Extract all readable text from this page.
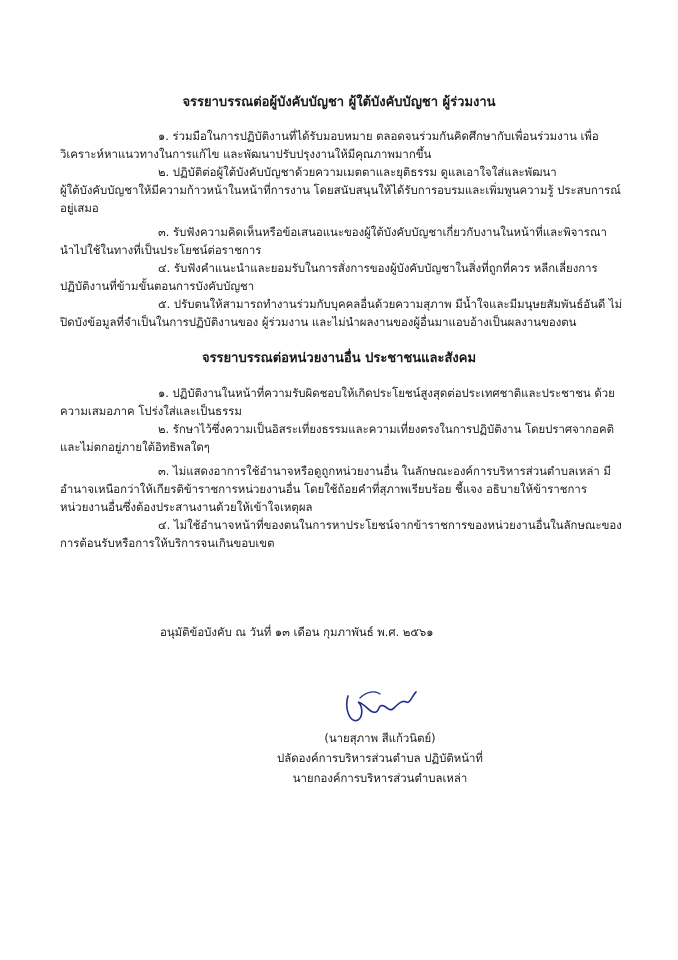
จรรยาบรรณต่อผู้บังคับบัญชา ผู้ใต้บังคับบัญชา ผู้ร่วมงาน

๑. ร่วมมือในการปฏิบัติงานที่ได้รับมอบหมาย ตลอดจนร่วมกันคิดศึกษากับเพื่อนร่วมงาน เพื่อ

วิเคราะห์หาแนวทางในการแก้ไข และพัฒนาปรับปรุงงานให้มีคุณภาพมากขึ้น

๒. ปฏิบัติต่อผู้ใต้บังคับบัญชาด้วยความเมตตาและยุติธรรม ดูแลเอาใจใส่และพัฒนา

ผู้ใต้บังคับบัญชาให้มีความก้าวหน้าในหน้าที่การงาน โดยสนับสนุนให้ได้รับการอบรมและเพิ่มพูนความรู้ ประสบการณ์

อยู่เสมอ

๓. รับฟังความคิดเห็นหรือข้อเสนอแนะของผู้ใต้บังคับบัญชาเกี่ยวกับงานในหน้าที่และพิจารณา

นำไปใช้ในทางที่เป็นประโยชน์ต่อราชการ

๔. รับฟังคำแนะนำและยอมรับในการสั่งการของผู้บังคับบัญชาในสิ่งที่ถูกที่ควร หลีกเลี่ยงการ

ปฏิบัติงานที่ข้ามขั้นตอนการบังคับบัญชา

๕. ปรับตนให้สามารถทำงานร่วมกับบุคคลอื่นด้วยความสุภาพ มีน้ำใจและมีมนุษยสัมพันธ์อันดี ไม่

ปิดบังข้อมูลที่จำเป็นในการปฏิบัติงานของ ผู้ร่วมงาน และไม่นำผลงานของผู้อื่นมาแอบอ้างเป็นผลงานของตน

จรรยาบรรณต่อหน่วยงานอื่น ประชาชนและสังคม

๑. ปฏิบัติงานในหน้าที่ความรับผิดชอบให้เกิดประโยชน์สูงสุดต่อประเทศชาติและประชาชน ด้วย

ความเสมอภาค โปร่งใส่และเป็นธรรม

๒. รักษาไว้ซึ่งความเป็นอิสระเที่ยงธรรมและความเที่ยงตรงในการปฏิบัติงาน โดยปราศจากอคติ

และไม่ตกอยู่ภายใต้อิทธิพลใดๆ

๓. ไม่แสดงอาการใช้อำนาจหรือดูถูกหน่วยงานอื่น ในลักษณะองค์การบริหารส่วนตำบลเหล่า มี

อำนาจเหนือกว่าให้เกียรติข้าราชการหน่วยงานอื่น โดยใช้ถ้อยคำที่สุภาพเรียบร้อย ชี้แจง อธิบายให้ข้าราชการ

หน่วยงานอื่นซึ่งต้องประสานงานด้วยให้เข้าใจเหตุผล

๔. ไม่ใช้อำนาจหน้าที่ของตนในการหาประโยชน์จากข้าราชการของหน่วยงานอื่นในลักษณะของ

การต้อนรับหรือการให้บริการจนเกินขอบเขต

อนุมัติข้อบังคับ ณ วันที่ ๑๓ เดือน กุมภาพันธ์ พ.ศ. ๒๕๖๑
(นายสุภาพ สีแก้วนิตย์)
ปลัดองค์การบริหารส่วนตำบล ปฏิบัติหน้าที่
นายกองค์การบริหารส่วนตำบลเหล่า
